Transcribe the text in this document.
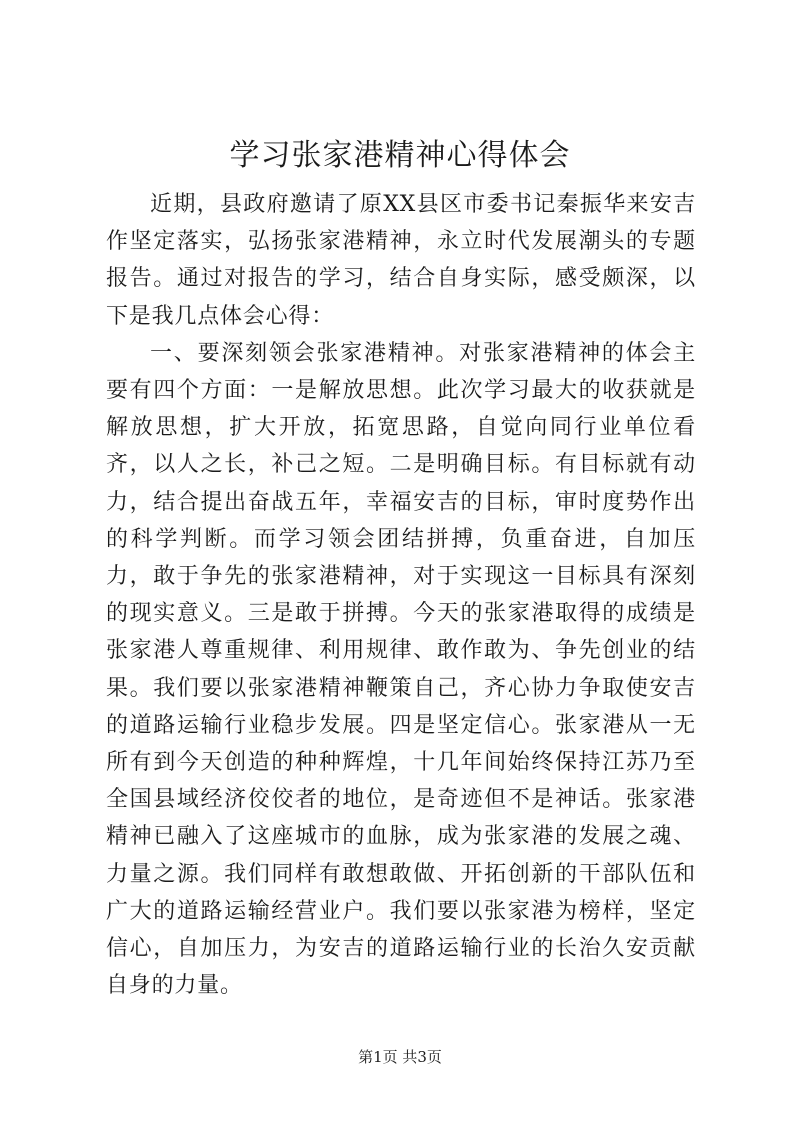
学习张家港精神心得体会

近期，县政府邀请了原XX县区市委书记秦振华来安吉作坚定落实，弘扬张家港精神，永立时代发展潮头的专题报告。通过对报告的学习，结合自身实际，感受颇深，以下是我几点体会心得：

一、要深刻领会张家港精神。对张家港精神的体会主要有四个方面：一是解放思想。此次学习最大的收获就是解放思想，扩大开放，拓宽思路，自觉向同行业单位看齐，以人之长，补己之短。二是明确目标。有目标就有动力，结合提出奋战五年，幸福安吉的目标，审时度势作出的科学判断。而学习领会团结拼搏，负重奋进，自加压力，敢于争先的张家港精神，对于实现这一目标具有深刻的现实意义。三是敢于拼搏。今天的张家港取得的成绩是张家港人尊重规律、利用规律、敢作敢为、争先创业的结果。我们要以张家港精神鞭策自己，齐心协力争取使安吉的道路运输行业稳步发展。四是坚定信心。张家港从一无所有到今天创造的种种辉煌，十几年间始终保持江苏乃至全国县域经济佼佼者的地位，是奇迹但不是神话。张家港精神已融入了这座城市的血脉，成为张家港的发展之魂、力量之源。我们同样有敢想敢做、开拓创新的干部队伍和广大的道路运输经营业户。我们要以张家港为榜样，坚定信心，自加压力，为安吉的道路运输行业的长治久安贡献自身的力量。

第1页 共3页
